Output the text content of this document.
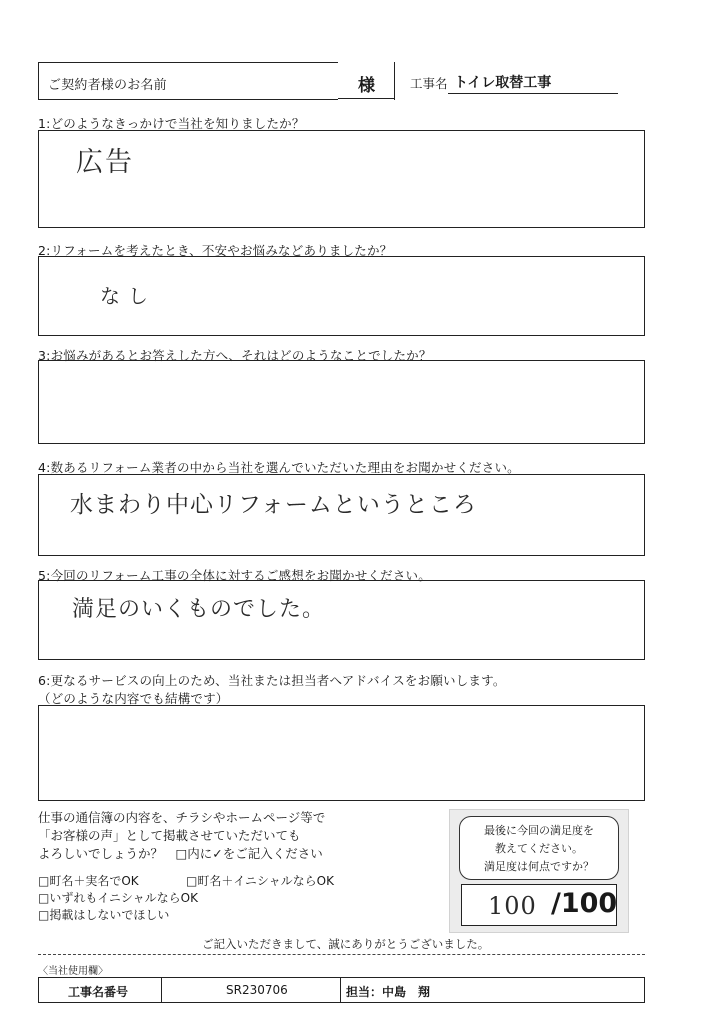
ご契約者様のお名前	様	工事名 トイレ取替工事
1:どのようなきっかけで当社を知りましたか？
広告
2:リフォームを考えたとき、不安やお悩みなどありましたか？
なし
3:お悩みがあるとお答えした方へ、それはどのようなことでしたか？
4:数あるリフォーム業者の中から当社を選んでいただいた理由をお聞かせください。
水まわり中心リフォームというところ
5:今回のリフォーム工事の全体に対するご感想をお聞かせください。
満足のいくものでした。
6:更なるサービスの向上のため、当社または担当者へアドバイスをお願いします。
（どのような内容でも結構です）
仕事の通信簿の内容を、チラシやホームページ等で
「お客様の声」として掲載させていただいても
よろしいでしょうか？　□内に✓をご記入ください
□町名＋実名でOK	□町名＋イニシャルならOK
□いずれもイニシャルならOK
□掲載はしないでほしい
最後に今回の満足度を
教えてください。
満足度は何点ですか？
100 /100
ご記入いただきまして、誠にありがとうございました。
〈当社使用欄〉
工事名番号	SR230706	担当：中島　翔
